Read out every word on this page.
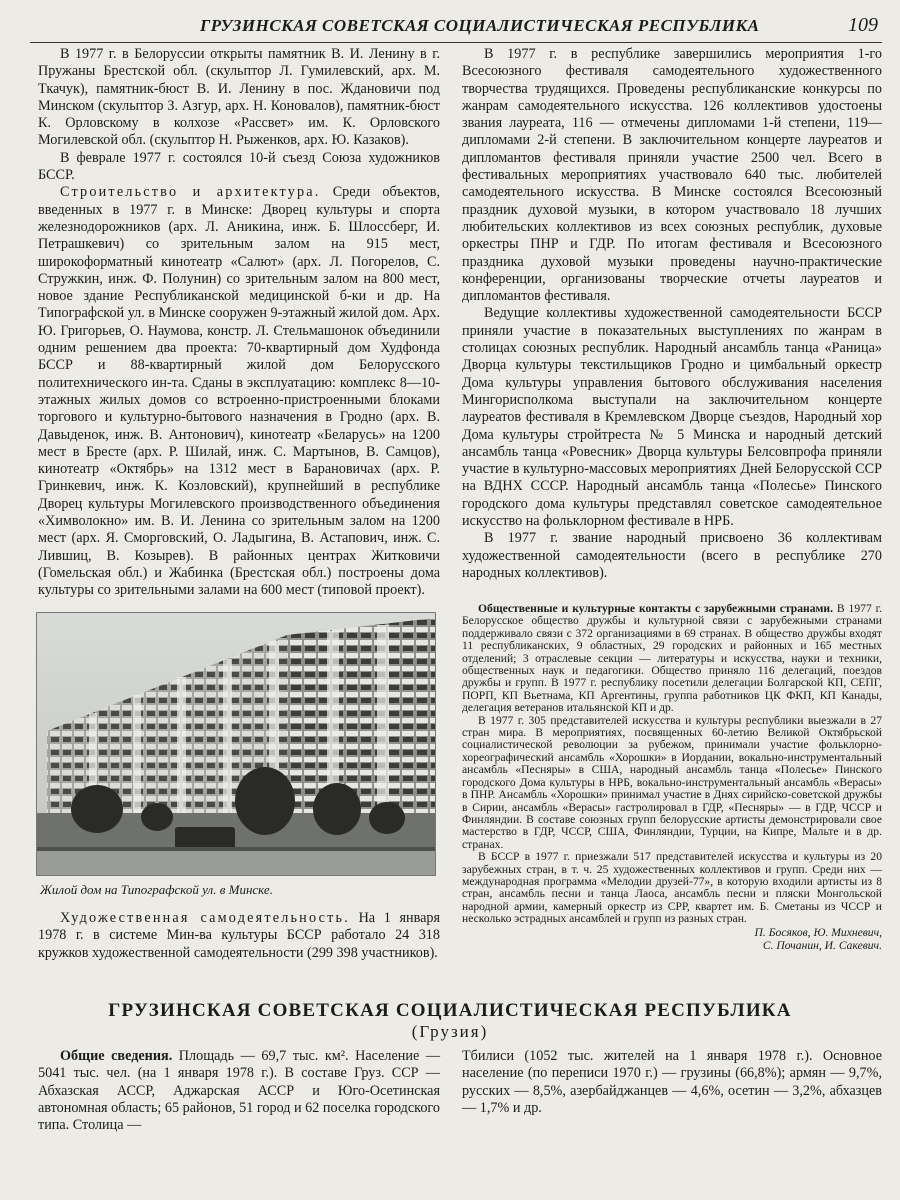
ГРУЗИНСКАЯ СОВЕТСКАЯ СОЦИАЛИСТИЧЕСКАЯ РЕСПУБЛИКА	109

В 1977 г. в Белоруссии открыты памятник В. И. Ленину в г. Пружаны Брестской обл. (скульптор Л. Гумилевский, арх. М. Ткачук), памятник-бюст В. И. Ленину в пос. Ждановичи под Минском (скульптор З. Азгур, арх. Н. Коновалов), памятник-бюст К. Орловскому в колхозе «Рассвет» им. К. Орловского Могилевской обл. (скульптор Н. Рыженков, арх. Ю. Казаков).

В феврале 1977 г. состоялся 10-й съезд Союза художников БССР.

Строительство и архитектура. Среди объектов, введенных в 1977 г. в Минске: Дворец культуры и спорта железнодорожников (арх. Л. Аникина, инж. Б. Шлоссберг, И. Петрашкевич) со зрительным залом на 915 мест, широкоформатный кинотеатр «Салют» (арх. Л. Погорелов, С. Стружкин, инж. Ф. Полунин) со зрительным залом на 800 мест, новое здание Республиканской медицинской б-ки и др. На Типографской ул. в Минске сооружен 9-этажный жилой дом. Арх. Ю. Григорьев, О. Наумова, констр. Л. Стельмашонок объединили одним решением два проекта: 70-квартирный дом Худфонда БССР и 88-квартирный жилой дом Белорусского политехнического ин-та. Сданы в эксплуатацию: комплекс 8—10-этажных жилых домов со встроенно-пристроенными блоками торгового и культурно-бытового назначения в Гродно (арх. В. Давыденок, инж. В. Антонович), кинотеатр «Беларусь» на 1200 мест в Бресте (арх. Р. Шилай, инж. С. Мартынов, В. Самцов), кинотеатр «Октябрь» на 1312 мест в Барановичах (арх. Р. Гринкевич, инж. К. Козловский), крупнейший в республике Дворец культуры Могилевского производственного объединения «Химволокно» им. В. И. Ленина со зрительным залом на 1200 мест (арх. Я. Сморговский, О. Ладыгина, В. Астапович, инж. С. Лившиц, В. Козырев). В районных центрах Житковичи (Гомельская обл.) и Жабинка (Брестская обл.) построены дома культуры со зрительными залами на 600 мест (типовой проект).

Жилой дом на Типографской ул. в Минске.

Художественная самодеятельность. На 1 января 1978 г. в системе Мин-ва культуры БССР работало 24 318 кружков художественной самодеятельности (299 398 участников).

В 1977 г. в республике завершились мероприятия 1-го Всесоюзного фестиваля самодеятельного художественного творчества трудящихся. Проведены республиканские конкурсы по жанрам самодеятельного искусства. 126 коллективов удостоены звания лауреата, 116 — отмечены дипломами 1-й степени, 119— дипломами 2-й степени. В заключительном концерте лауреатов и дипломантов фестиваля приняли участие 2500 чел. Всего в фестивальных мероприятиях участвовало 640 тыс. любителей самодеятельного искусства. В Минске состоялся Всесоюзный праздник духовой музыки, в котором участвовало 18 лучших любительских коллективов из всех союзных республик, духовые оркестры ПНР и ГДР. По итогам фестиваля и Всесоюзного праздника духовой музыки проведены научно-практические конференции, организованы творческие отчеты лауреатов и дипломантов фестиваля.

Ведущие коллективы художественной самодеятельности БССР приняли участие в показательных выступлениях по жанрам в столицах союзных республик. Народный ансамбль танца «Раница» Дворца культуры текстильщиков Гродно и цимбальный оркестр Дома культуры управления бытового обслуживания населения Мингорисполкома выступали на заключительном концерте лауреатов фестиваля в Кремлевском Дворце съездов, Народный хор Дома культуры стройтреста № 5 Минска и народный детский ансамбль танца «Ровесник» Дворца культуры Белсовпрофа приняли участие в культурно-массовых мероприятиях Дней Белорусской ССР на ВДНХ СССР. Народный ансамбль танца «Полесье» Пинского городского дома культуры представлял советское самодеятельное искусство на фольклорном фестивале в НРБ.

В 1977 г. звание народный присвоено 36 коллективам художественной самодеятельности (всего в республике 270 народных коллективов).

Общественные и культурные контакты с зарубежными странами. В 1977 г. Белорусское общество дружбы и культурной связи с зарубежными странами поддерживало связи с 372 организациями в 69 странах. В общество дружбы входят 11 республиканских, 9 областных, 29 городских и районных и 165 местных отделений; 3 отраслевые секции — литературы и искусства, науки и техники, общественных наук и педагогики. Общество приняло 116 делегаций, поездов дружбы и групп. В 1977 г. республику посетили делегации Болгарской КП, СЕПГ, ПОРП, КП Вьетнама, КП Аргентины, группа работников ЦК ФКП, КП Канады, делегация ветеранов итальянской КП и др.

В 1977 г. 305 представителей искусства и культуры республики выезжали в 27 стран мира. В мероприятиях, посвященных 60-летию Великой Октябрьской социалистической революции за рубежом, принимали участие фольклорно-хореографический ансамбль «Хорошки» в Иордании, вокально-инструментальный ансамбль «Песняры» в США, народный ансамбль танца «Полесье» Пинского городского Дома культуры в НРБ, вокально-инструментальный ансамбль «Верасы» в ПНР. Ансамбль «Хорошки» принимал участие в Днях сирийско-советской дружбы в Сирии, ансамбль «Верасы» гастролировал в ГДР, «Песняры» — в ГДР, ЧССР и Финляндии. В составе союзных групп белорусские артисты демонстрировали свое мастерство в ГДР, ЧССР, США, Финляндии, Турции, на Кипре, Мальте и в др. странах.

В БССР в 1977 г. приезжали 517 представителей искусства и культуры из 20 зарубежных стран, в т. ч. 25 художественных коллективов и групп. Среди них — международная программа «Мелодии друзей-77», в которую входили артисты из 8 стран, ансамбль песни и танца Лаоса, ансамбль песни и пляски Монгольской народной армии, камерный оркестр из СРР, квартет им. Б. Сметаны из ЧССР и несколько эстрадных ансамблей и групп из разных стран.

П. Босяков, Ю. Михневич,
С. Почанин, И. Сакевич.
ГРУЗИНСКАЯ СОВЕТСКАЯ СОЦИАЛИСТИЧЕСКАЯ РЕСПУБЛИКА
(Грузия)

Общие сведения. Площадь — 69,7 тыс. км². Население — 5041 тыс. чел. (на 1 января 1978 г.). В составе Груз. ССР — Абхазская АССР, Аджарская АССР и Юго-Осетинская автономная область; 65 районов, 51 город и 62 поселка городского типа. Столица —

Тбилиси (1052 тыс. жителей на 1 января 1978 г.). Основное население (по переписи 1970 г.) — грузины (66,8%); армян — 9,7%, русских — 8,5%, азербайджанцев — 4,6%, осетин — 3,2%, абхазцев — 1,7% и др.
